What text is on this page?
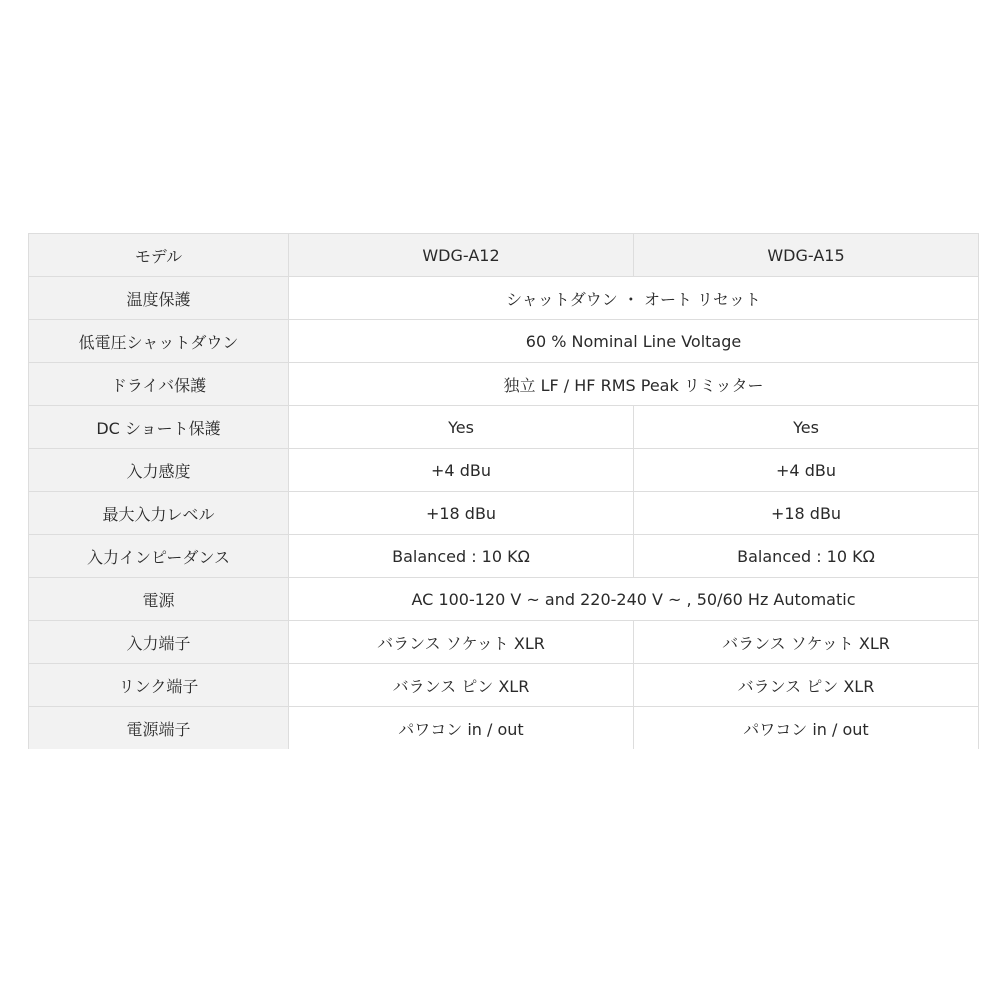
モデル	WDG-A12	WDG-A15
温度保護	シャットダウン ・ オート リセット	
低電圧シャットダウン	60 % Nominal Line Voltage	
ドライバ保護	独立 LF / HF RMS Peak リミッター	
DC ショート保護	Yes	Yes
入力感度	+4 dBu	+4 dBu
最大入力レベル	+18 dBu	+18 dBu
入力インピーダンス	Balanced : 10 KΩ	Balanced : 10 KΩ
電源	AC 100-120 V ~ and 220-240 V ~ , 50/60 Hz Automatic	
入力端子	バランス ソケット XLR	バランス ソケット XLR
リンク端子	バランス ピン XLR	バランス ピン XLR
電源端子	パワコン in / out	パワコン in / out
